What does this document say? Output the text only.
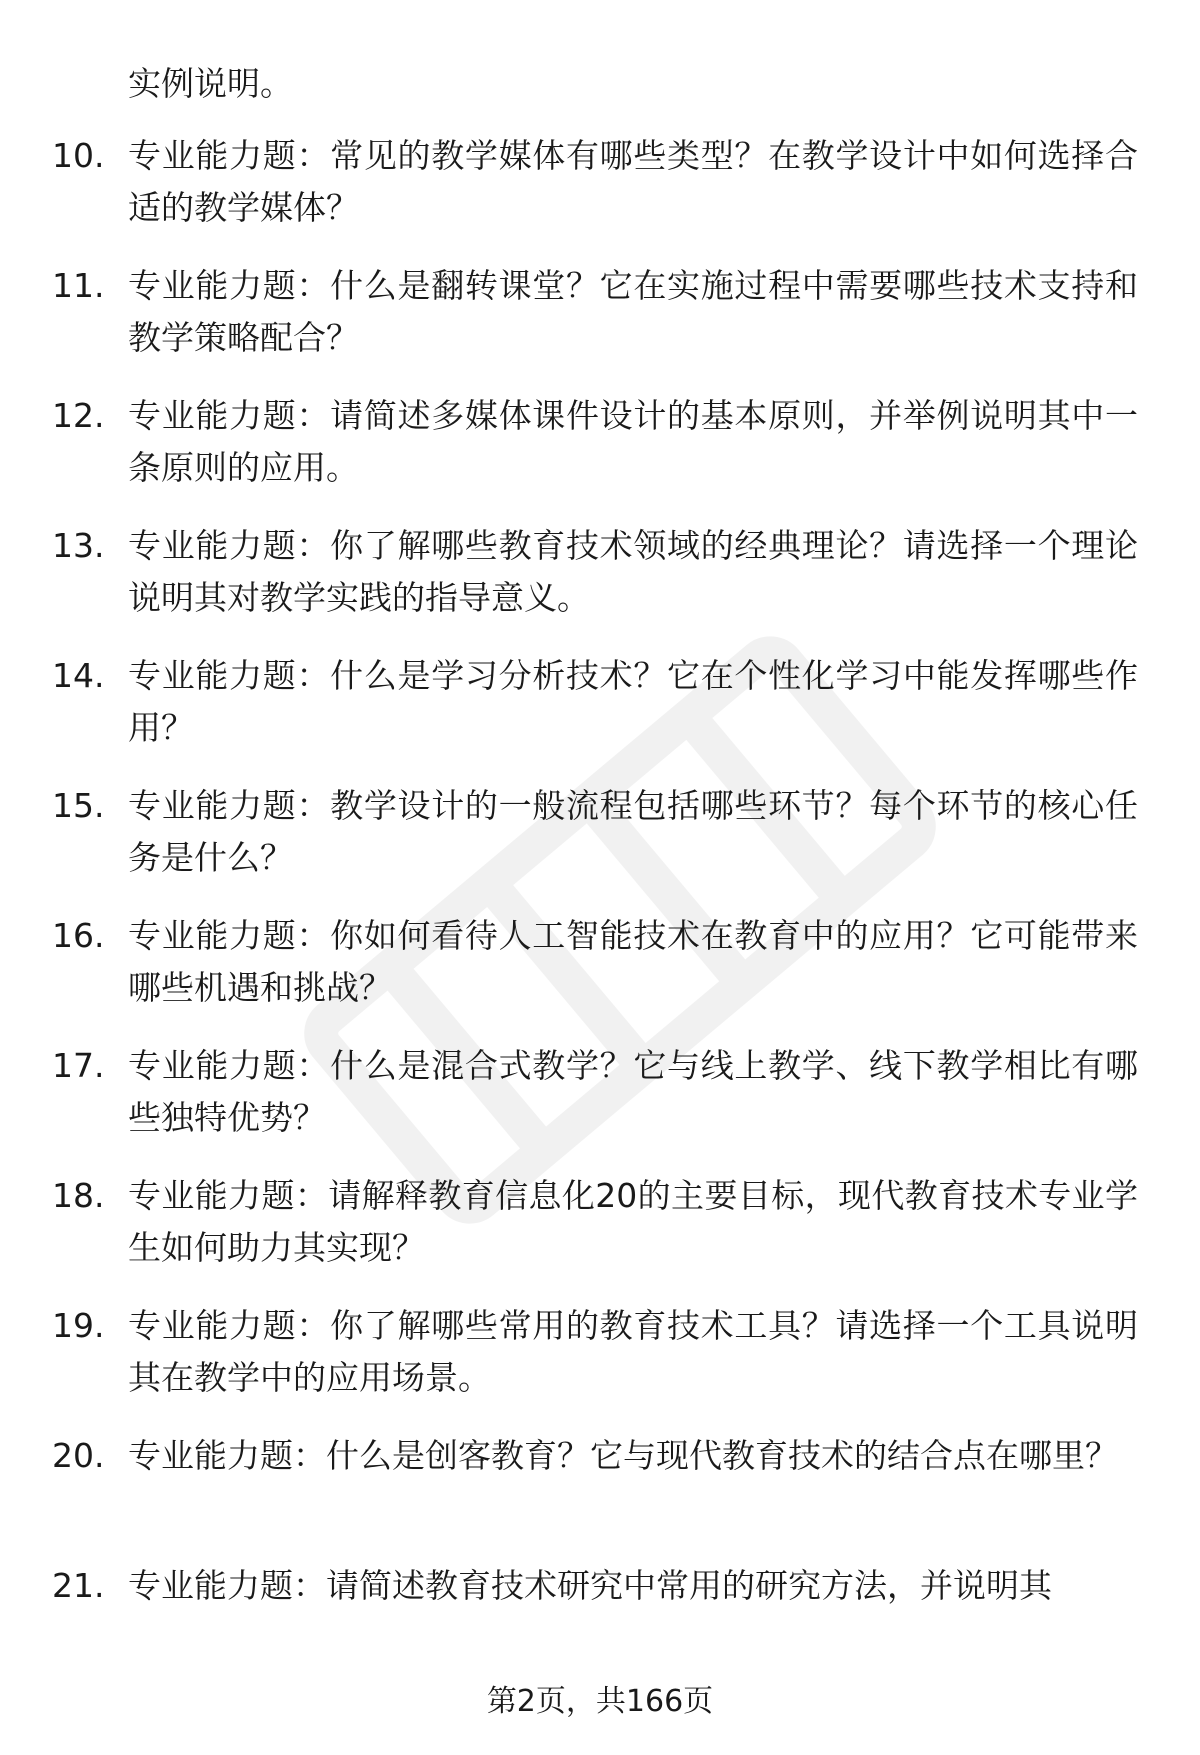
实例说明。
10. 专业能力题：常见的教学媒体有哪些类型？在教学设计中如何选择合适的教学媒体？
11. 专业能力题：什么是翻转课堂？它在实施过程中需要哪些技术支持和教学策略配合？
12. 专业能力题：请简述多媒体课件设计的基本原则，并举例说明其中一条原则的应用。
13. 专业能力题：你了解哪些教育技术领域的经典理论？请选择一个理论说明其对教学实践的指导意义。
14. 专业能力题：什么是学习分析技术？它在个性化学习中能发挥哪些作用？
15. 专业能力题：教学设计的一般流程包括哪些环节？每个环节的核心任务是什么？
16. 专业能力题：你如何看待人工智能技术在教育中的应用？它可能带来哪些机遇和挑战？
17. 专业能力题：什么是混合式教学？它与线上教学、线下教学相比有哪些独特优势？
18. 专业能力题：请解释教育信息化20的主要目标，现代教育技术专业学生如何助力其实现？
19. 专业能力题：你了解哪些常用的教育技术工具？请选择一个工具说明其在教学中的应用场景。
20. 专业能力题：什么是创客教育？它与现代教育技术的结合点在哪里？
21. 专业能力题：请简述教育技术研究中常用的研究方法，并说明其
第2页，共166页
